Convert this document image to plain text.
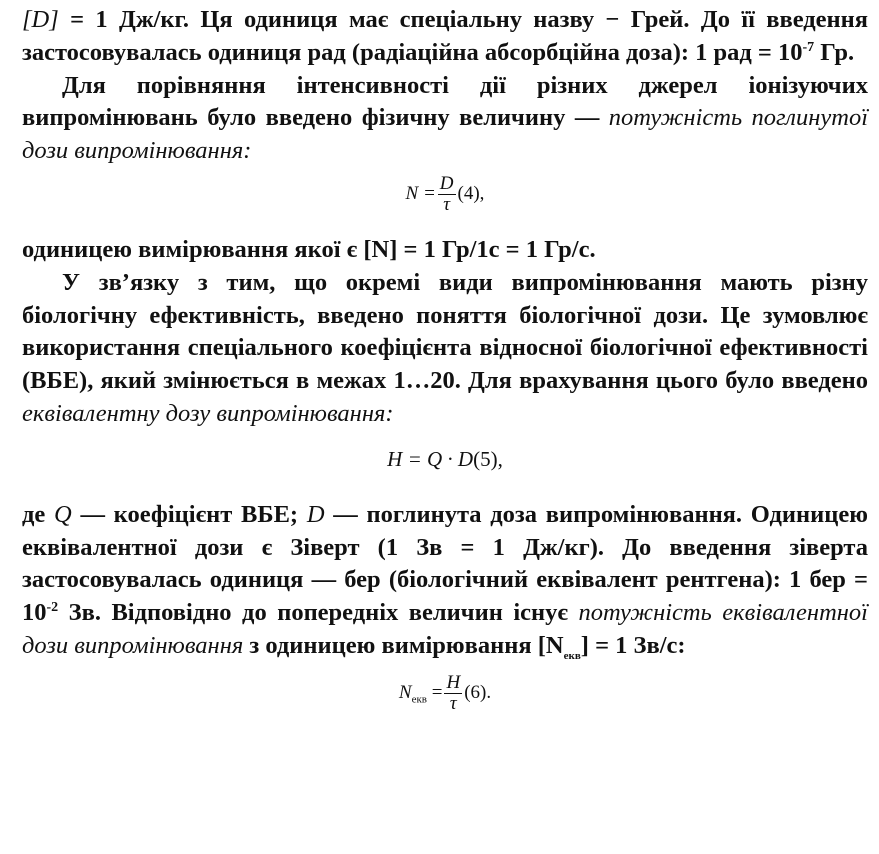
[D] = 1 Дж/кг. Ця одиниця має спеціальну назву − Грей. До її введення застосовувалась одиниця рад (радіаційна абсорбційна доза): 1 рад = $10^{-7}$ Гр.

Для порівняння інтенсивності дії різних джерел іонізуючих випромінювань було введено фізичну величину — потужність поглинутої дози випромінювання:

$N = \frac{D}{\tau} (4)$,

одиницею вимірювання якої є [N] = 1 Гр/1с = 1 Гр/с.

У зв’язку з тим, що окремі види випромінювання мають різну біологічну ефективність, введено поняття біологічної дози. Це зумовлює використання спеціального коефіцієнта відносної біологічної ефективності (ВБЕ), який змінюється в межах 1…20. Для врахування цього було введено еквівалентну дозу випромінювання:

H = Q · D(5),

де Q — коефіцієнт ВБЕ; D — поглинута доза випромінювання. Одиницею еквівалентної дози є Зіверт (1 Зв = 1 Дж/кг). До введення зіверта застосовувалась одиниця — бер (біологічний еквівалент рентгена): 1 бер = $10^{-2}$ Зв. Відповідно до попередніх величин існує потужність еквівалентної дози випромінювання з одиницею вимірювання $[N_{екв}] = 1$ Зв/с:

$N_{екв} = \frac{H}{\tau} (6)$.
